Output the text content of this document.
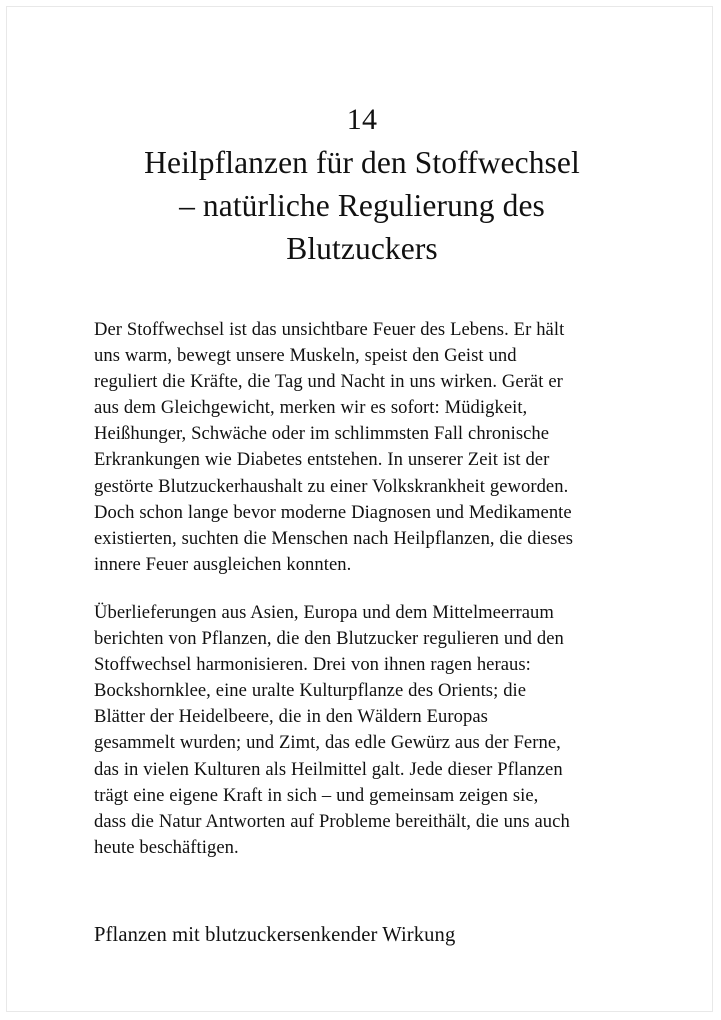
14
Heilpflanzen für den Stoffwechsel
– natürliche Regulierung des
Blutzuckers

Der Stoffwechsel ist das unsichtbare Feuer des Lebens. Er hält
uns warm, bewegt unsere Muskeln, speist den Geist und
reguliert die Kräfte, die Tag und Nacht in uns wirken. Gerät er
aus dem Gleichgewicht, merken wir es sofort: Müdigkeit,
Heißhunger, Schwäche oder im schlimmsten Fall chronische
Erkrankungen wie Diabetes entstehen. In unserer Zeit ist der
gestörte Blutzuckerhaushalt zu einer Volkskrankheit geworden.
Doch schon lange bevor moderne Diagnosen und Medikamente
existierten, suchten die Menschen nach Heilpflanzen, die dieses
innere Feuer ausgleichen konnten.

Überlieferungen aus Asien, Europa und dem Mittelmeerraum
berichten von Pflanzen, die den Blutzucker regulieren und den
Stoffwechsel harmonisieren. Drei von ihnen ragen heraus:
Bockshornklee, eine uralte Kulturpflanze des Orients; die
Blätter der Heidelbeere, die in den Wäldern Europas
gesammelt wurden; und Zimt, das edle Gewürz aus der Ferne,
das in vielen Kulturen als Heilmittel galt. Jede dieser Pflanzen
trägt eine eigene Kraft in sich – und gemeinsam zeigen sie,
dass die Natur Antworten auf Probleme bereithält, die uns auch
heute beschäftigen.

Pflanzen mit blutzuckersenkender Wirkung
